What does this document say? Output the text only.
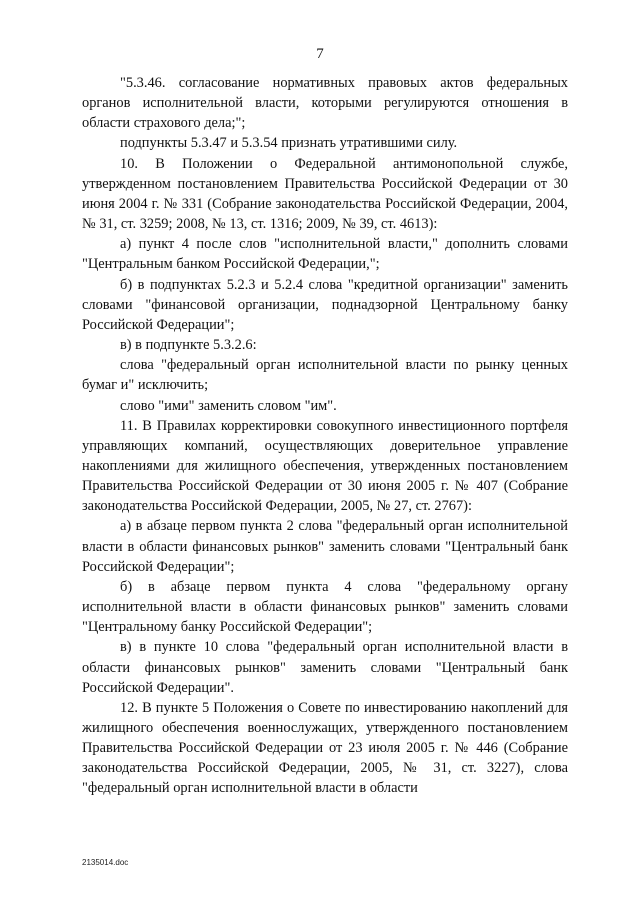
7

"5.3.46. согласование нормативных правовых актов федеральных органов исполнительной власти, которыми регулируются отношения в области страхового дела;";

подпункты 5.3.47 и 5.3.54 признать утратившими силу.

10. В Положении о Федеральной антимонопольной службе, утвержденном постановлением Правительства Российской Федерации от 30 июня 2004 г. № 331 (Собрание законодательства Российской Федерации, 2004, № 31, ст. 3259; 2008, № 13, ст. 1316; 2009, № 39, ст. 4613):

а) пункт 4 после слов "исполнительной власти," дополнить словами "Центральным банком Российской Федерации,";

б) в подпунктах 5.2.3 и 5.2.4 слова "кредитной организации" заменить словами "финансовой организации, поднадзорной Центральному банку Российской Федерации";

в) в подпункте 5.3.2.6:

слова "федеральный орган исполнительной власти по рынку ценных бумаг и" исключить;

слово "ими" заменить словом "им".

11. В Правилах корректировки совокупного инвестиционного портфеля управляющих компаний, осуществляющих доверительное управление накоплениями для жилищного обеспечения, утвержденных постановлением Правительства Российской Федерации от 30 июня 2005 г. № 407 (Собрание законодательства Российской Федерации, 2005, № 27, ст. 2767):

а) в абзаце первом пункта 2 слова "федеральный орган исполнительной власти в области финансовых рынков" заменить словами "Центральный банк Российской Федерации";

б) в абзаце первом пункта 4 слова "федеральному органу исполнительной власти в области финансовых рынков" заменить словами "Центральному банку Российской Федерации";

в) в пункте 10 слова "федеральный орган исполнительной власти в области финансовых рынков" заменить словами "Центральный банк Российской Федерации".

12. В пункте 5 Положения о Совете по инвестированию накоплений для жилищного обеспечения военнослужащих, утвержденного постановлением Правительства Российской Федерации от 23 июля 2005 г. № 446 (Собрание законодательства Российской Федерации, 2005, № 31, ст. 3227), слова "федеральный орган исполнительной власти в области

2135014.doc
